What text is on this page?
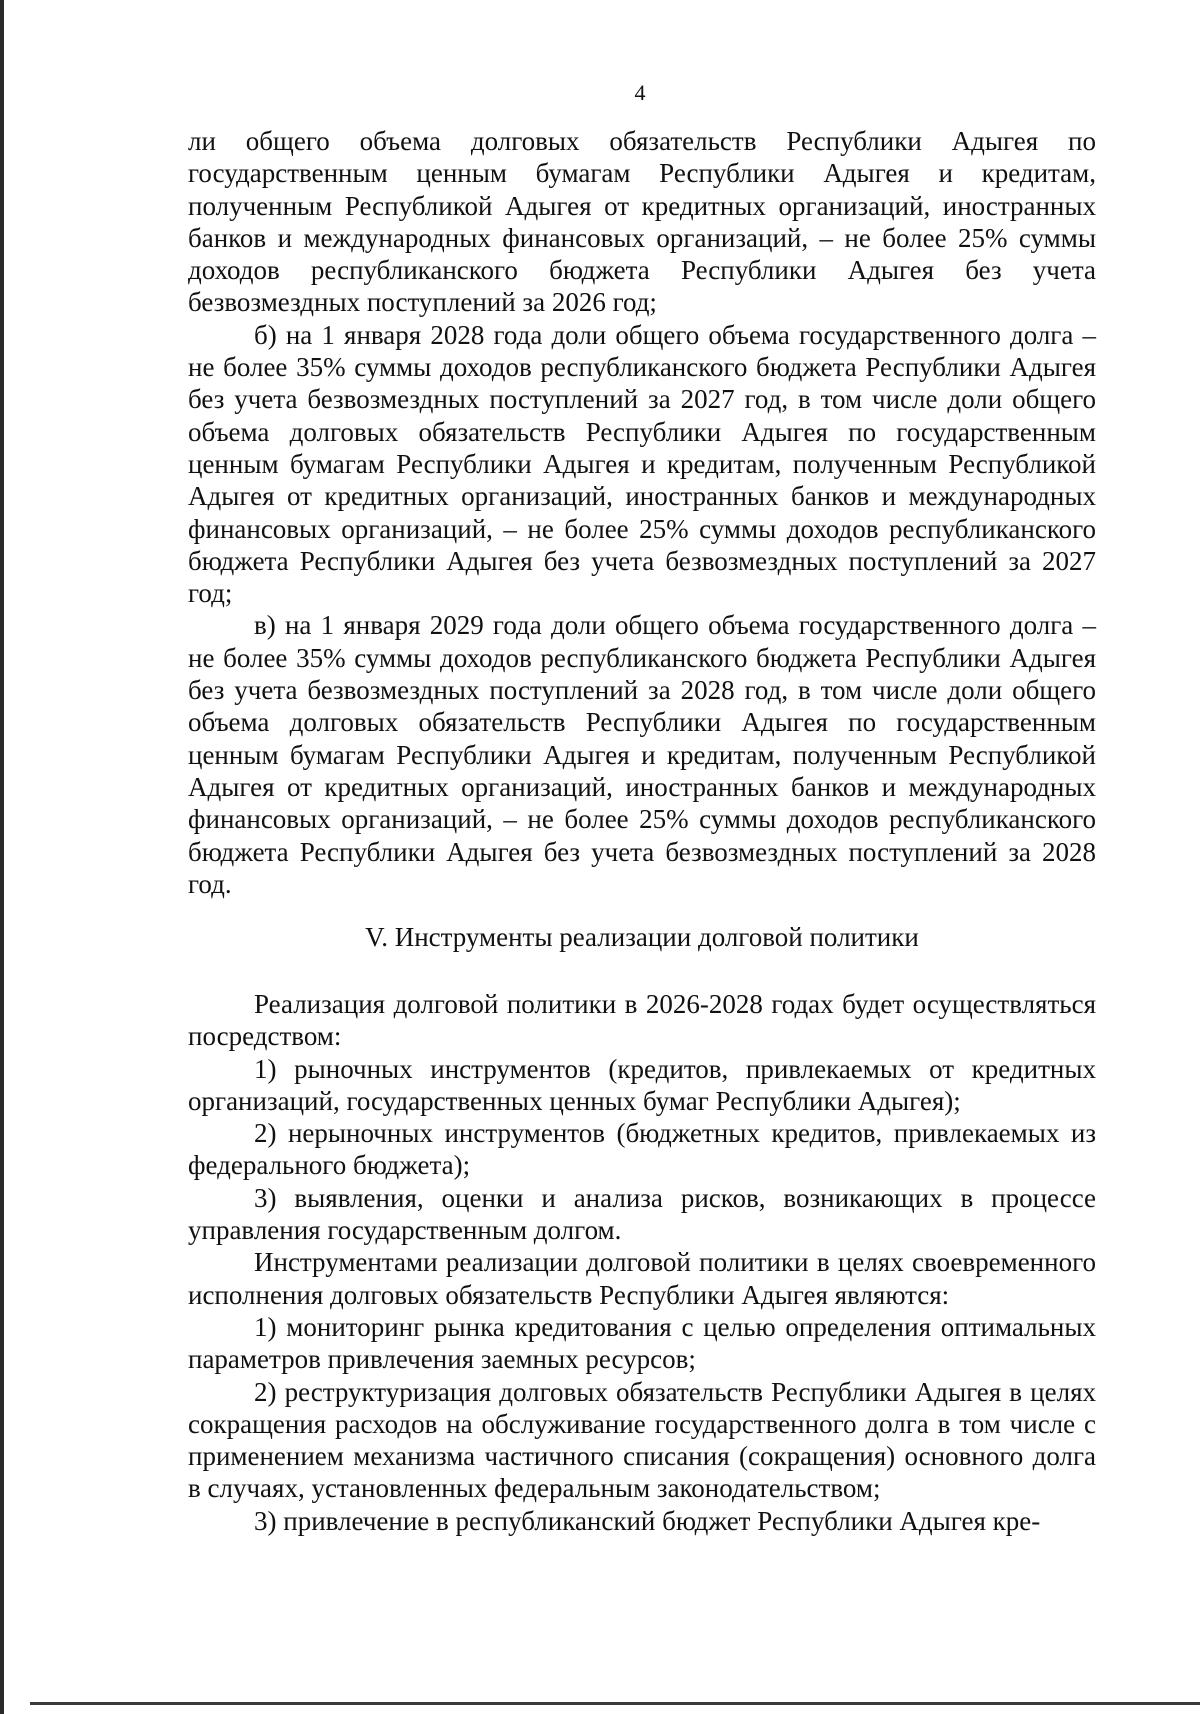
4

ли общего объема долговых обязательств Республики Адыгея по государственным ценным бумагам Республики Адыгея и кредитам, полученным Республикой Адыгея от кредитных организаций, иностранных банков и международных финансовых организаций, – не более 25% суммы доходов республиканского бюджета Республики Адыгея без учета безвозмездных поступлений за 2026 год;

б) на 1 января 2028 года доли общего объема государственного долга – не более 35% суммы доходов республиканского бюджета Республики Адыгея без учета безвозмездных поступлений за 2027 год, в том числе доли общего объема долговых обязательств Республики Адыгея по государственным ценным бумагам Республики Адыгея и кредитам, полученным Республикой Адыгея от кредитных организаций, иностранных банков и международных финансовых организаций, – не более 25% суммы доходов республиканского бюджета Республики Адыгея без учета безвозмездных поступлений за 2027 год;

в) на 1 января 2029 года доли общего объема государственного долга – не более 35% суммы доходов республиканского бюджета Республики Адыгея без учета безвозмездных поступлений за 2028 год, в том числе доли общего объема долговых обязательств Республики Адыгея по государственным ценным бумагам Республики Адыгея и кредитам, полученным Республикой Адыгея от кредитных организаций, иностранных банков и международных финансовых организаций, – не более 25% суммы доходов республиканского бюджета Республики Адыгея без учета безвозмездных поступлений за 2028 год.

V. Инструменты реализации долговой политики

Реализация долговой политики в 2026-2028 годах будет осуществляться посредством:

1) рыночных инструментов (кредитов, привлекаемых от кредитных организаций, государственных ценных бумаг Республики Адыгея);

2) нерыночных инструментов (бюджетных кредитов, привлекаемых из федерального бюджета);

3) выявления, оценки и анализа рисков, возникающих в процессе управления государственным долгом.

Инструментами реализации долговой политики в целях своевременного исполнения долговых обязательств Республики Адыгея являются:

1) мониторинг рынка кредитования с целью определения оптимальных параметров привлечения заемных ресурсов;

2) реструктуризация долговых обязательств Республики Адыгея в целях сокращения расходов на обслуживание государственного долга в том числе с применением механизма частичного списания (сокращения) основного долга в случаях, установленных федеральным законодательством;

3) привлечение в республиканский бюджет Республики Адыгея кре-
